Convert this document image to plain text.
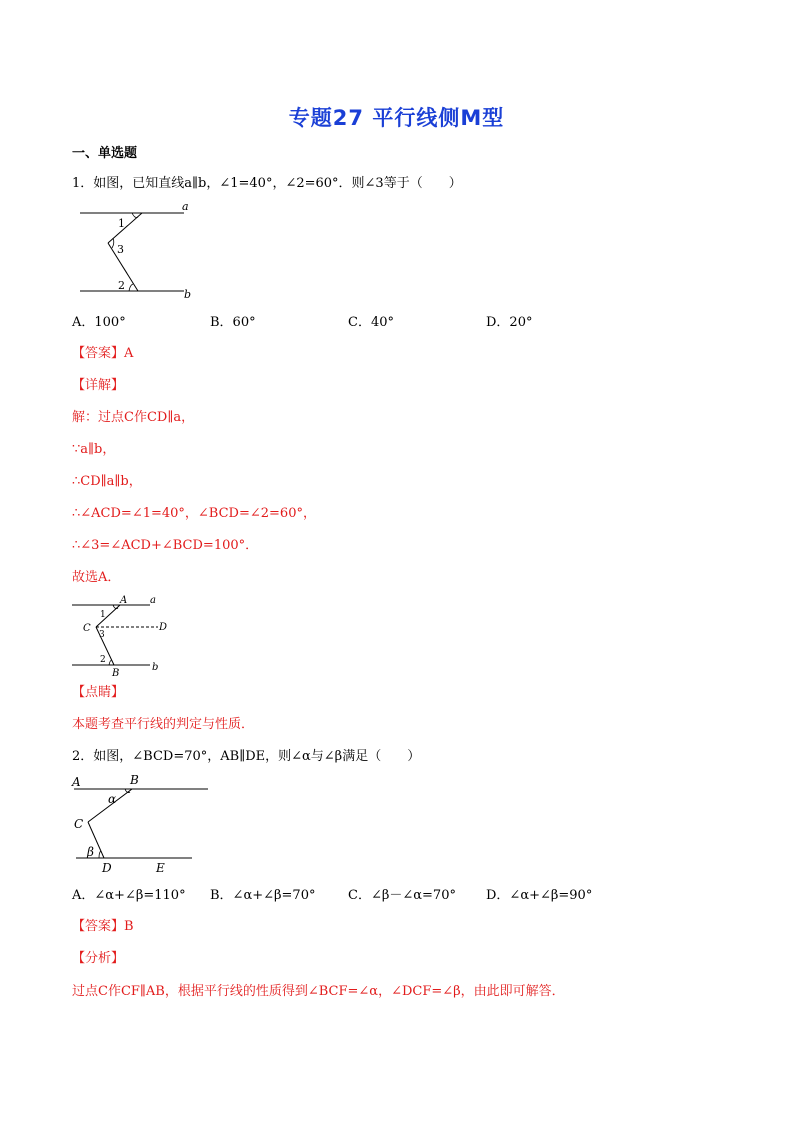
专题27 平行线侧M型
一、单选题
1．如图，已知直线a∥b，∠1=40°，∠2=60°．则∠3等于（　　）
a
b
1
3
2
A．100°	B．60°	C．40°	D．20°
【答案】A
【详解】
解：过点C作CD∥a，
∵a∥b，
∴CD∥a∥b，
∴∠ACD=∠1=40°，∠BCD=∠2=60°，
∴∠3=∠ACD+∠BCD=100°．
故选A．
A a
1
C	D
3
2
b
B
【点睛】
本题考查平行线的判定与性质．
2．如图，∠BCD=70°，AB∥DE，则∠α与∠β满足（　　）
A	B
α
C
β
D	E
A．∠α+∠β=110° B．∠α+∠β=70°	C．∠β－∠α=70° D．∠α+∠β=90°
【答案】B
【分析】
过点C作CF∥AB，根据平行线的性质得到∠BCF=∠α，∠DCF=∠β，由此即可解答．
